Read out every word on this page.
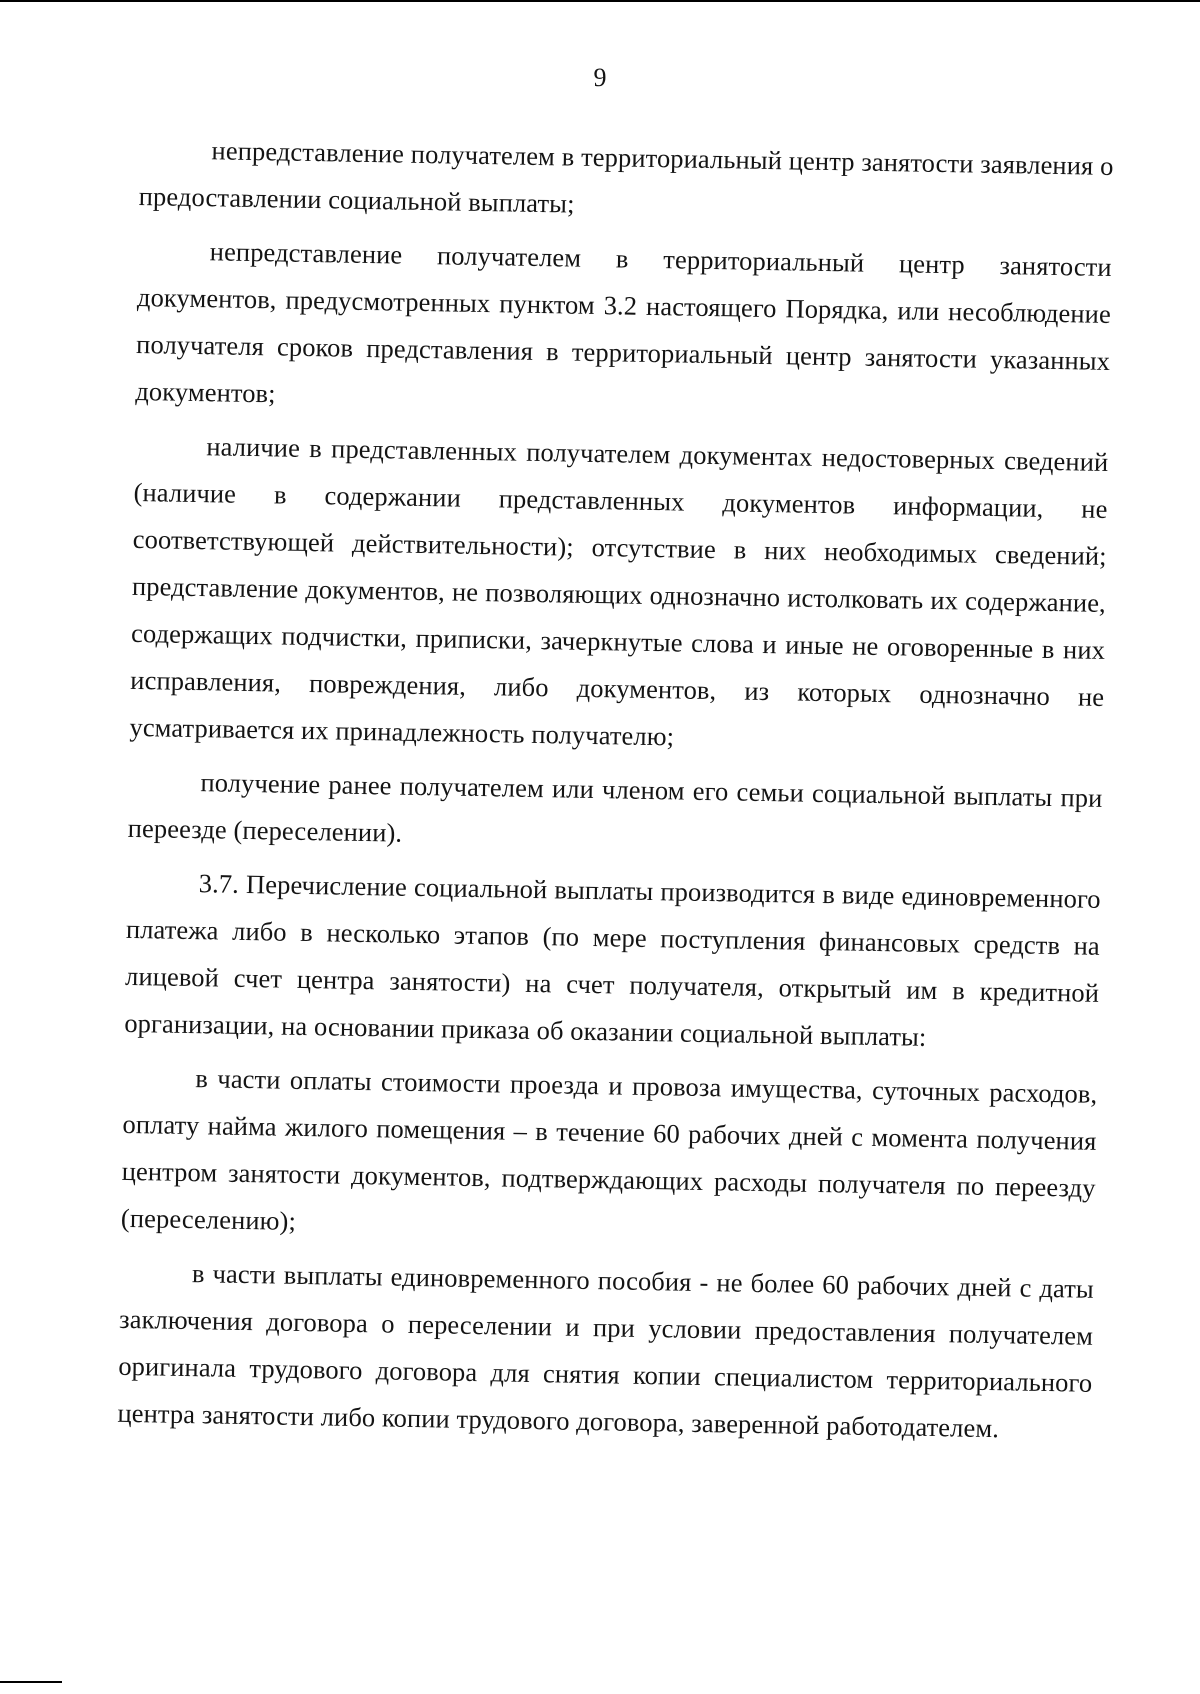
9

непредставление получателем в территориальный центр занятости заявления о предоставлении социальной выплаты;

непредставление получателем в территориальный центр занятости документов, предусмотренных пунктом 3.2 настоящего Порядка, или несоблюдение получателя сроков представления в территориальный центр занятости указанных документов;

наличие в представленных получателем документах недостоверных сведений (наличие в содержании представленных документов информации, не соответствующей действительности); отсутствие в них необходимых сведений; представление документов, не позволяющих однозначно истолковать их содержание, содержащих подчистки, приписки, зачеркнутые слова и иные не оговоренные в них исправления, повреждения, либо документов, из которых однозначно не усматривается их принадлежность получателю;

получение ранее получателем или членом его семьи социальной выплаты при переезде (переселении).

3.7. Перечисление социальной выплаты производится в виде единовременного платежа либо в несколько этапов (по мере поступления финансовых средств на лицевой счет центра занятости) на счет получателя, открытый им в кредитной организации, на основании приказа об оказании социальной выплаты:

в части оплаты стоимости проезда и провоза имущества, суточных расходов, оплату найма жилого помещения – в течение 60 рабочих дней с момента получения центром занятости документов, подтверждающих расходы получателя по переезду (переселению);

в части выплаты единовременного пособия - не более 60 рабочих дней с даты заключения договора о переселении и при условии предоставления получателем оригинала трудового договора для снятия копии специалистом территориального центра занятости либо копии трудового договора, заверенной работодателем.
